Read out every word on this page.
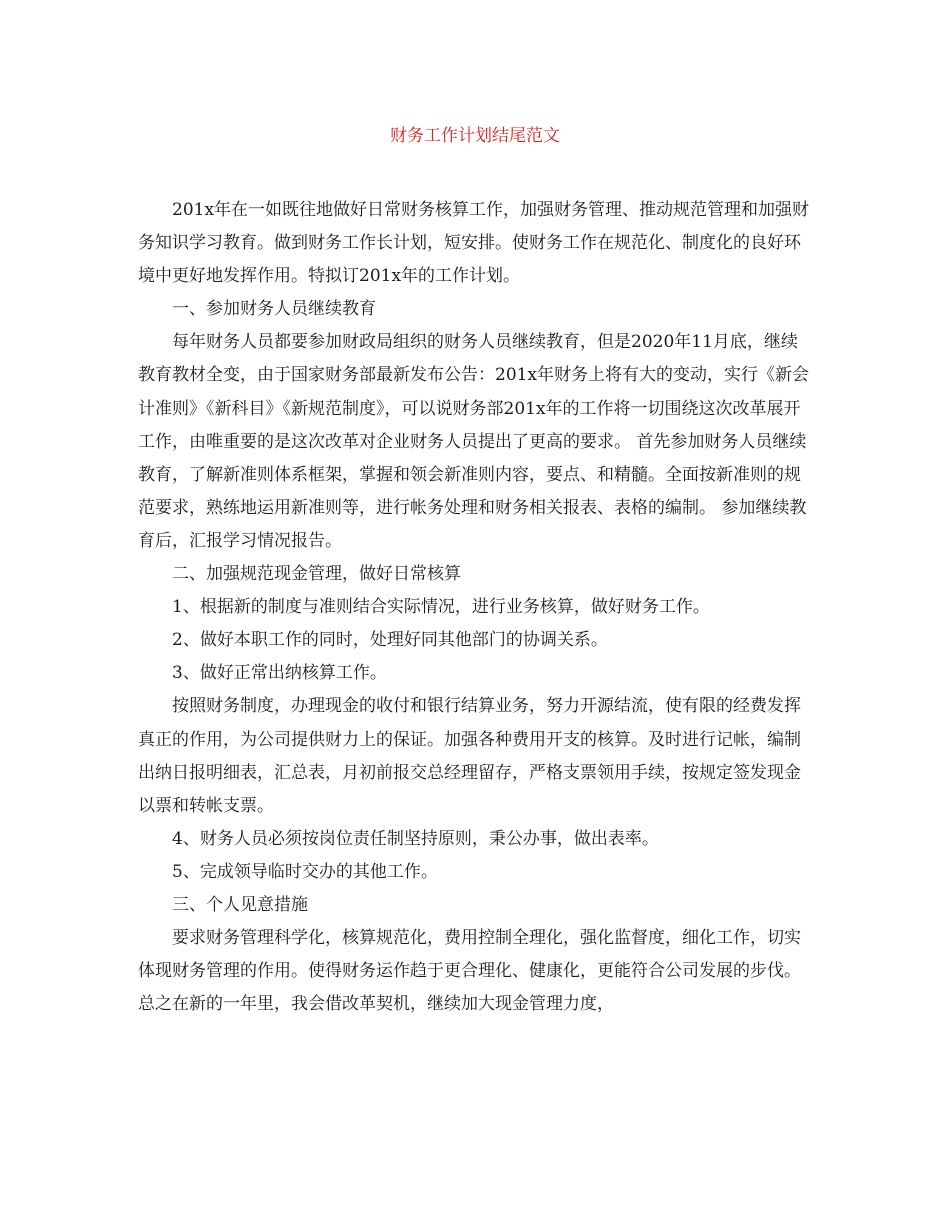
财务工作计划结尾范文

201x年在一如既往地做好日常财务核算工作，加强财务管理、推动规范管理和加强财务知识学习教育。做到财务工作长计划，短安排。使财务工作在规范化、制度化的良好环境中更好地发挥作用。特拟订201x年的工作计划。

一、参加财务人员继续教育

每年财务人员都要参加财政局组织的财务人员继续教育，但是2020年11月底，继续教育教材全变，由于国家财务部最新发布公告：201x年财务上将有大的变动，实行《新会计准则》《新科目》《新规范制度》，可以说财务部201x年的工作将一切围绕这次改革展开工作，由唯重要的是这次改革对企业财务人员提出了更高的要求。 首先参加财务人员继续教育，了解新准则体系框架，掌握和领会新准则内容，要点、和精髓。全面按新准则的规范要求，熟练地运用新准则等，进行帐务处理和财务相关报表、表格的编制。 参加继续教育后，汇报学习情况报告。

二、加强规范现金管理，做好日常核算

1、根据新的制度与准则结合实际情况，进行业务核算，做好财务工作。

2、做好本职工作的同时，处理好同其他部门的协调关系。

3、做好正常出纳核算工作。

按照财务制度，办理现金的收付和银行结算业务，努力开源结流，使有限的经费发挥真正的作用，为公司提供财力上的保证。加强各种费用开支的核算。及时进行记帐，编制出纳日报明细表，汇总表，月初前报交总经理留存，严格支票领用手续，按规定签发现金以票和转帐支票。

4、财务人员必须按岗位责任制坚持原则，秉公办事，做出表率。

5、完成领导临时交办的其他工作。

三、个人见意措施

要求财务管理科学化，核算规范化，费用控制全理化，强化监督度，细化工作，切实体现财务管理的作用。使得财务运作趋于更合理化、健康化，更能符合公司发展的步伐。 总之在新的一年里，我会借改革契机，继续加大现金管理力度，
